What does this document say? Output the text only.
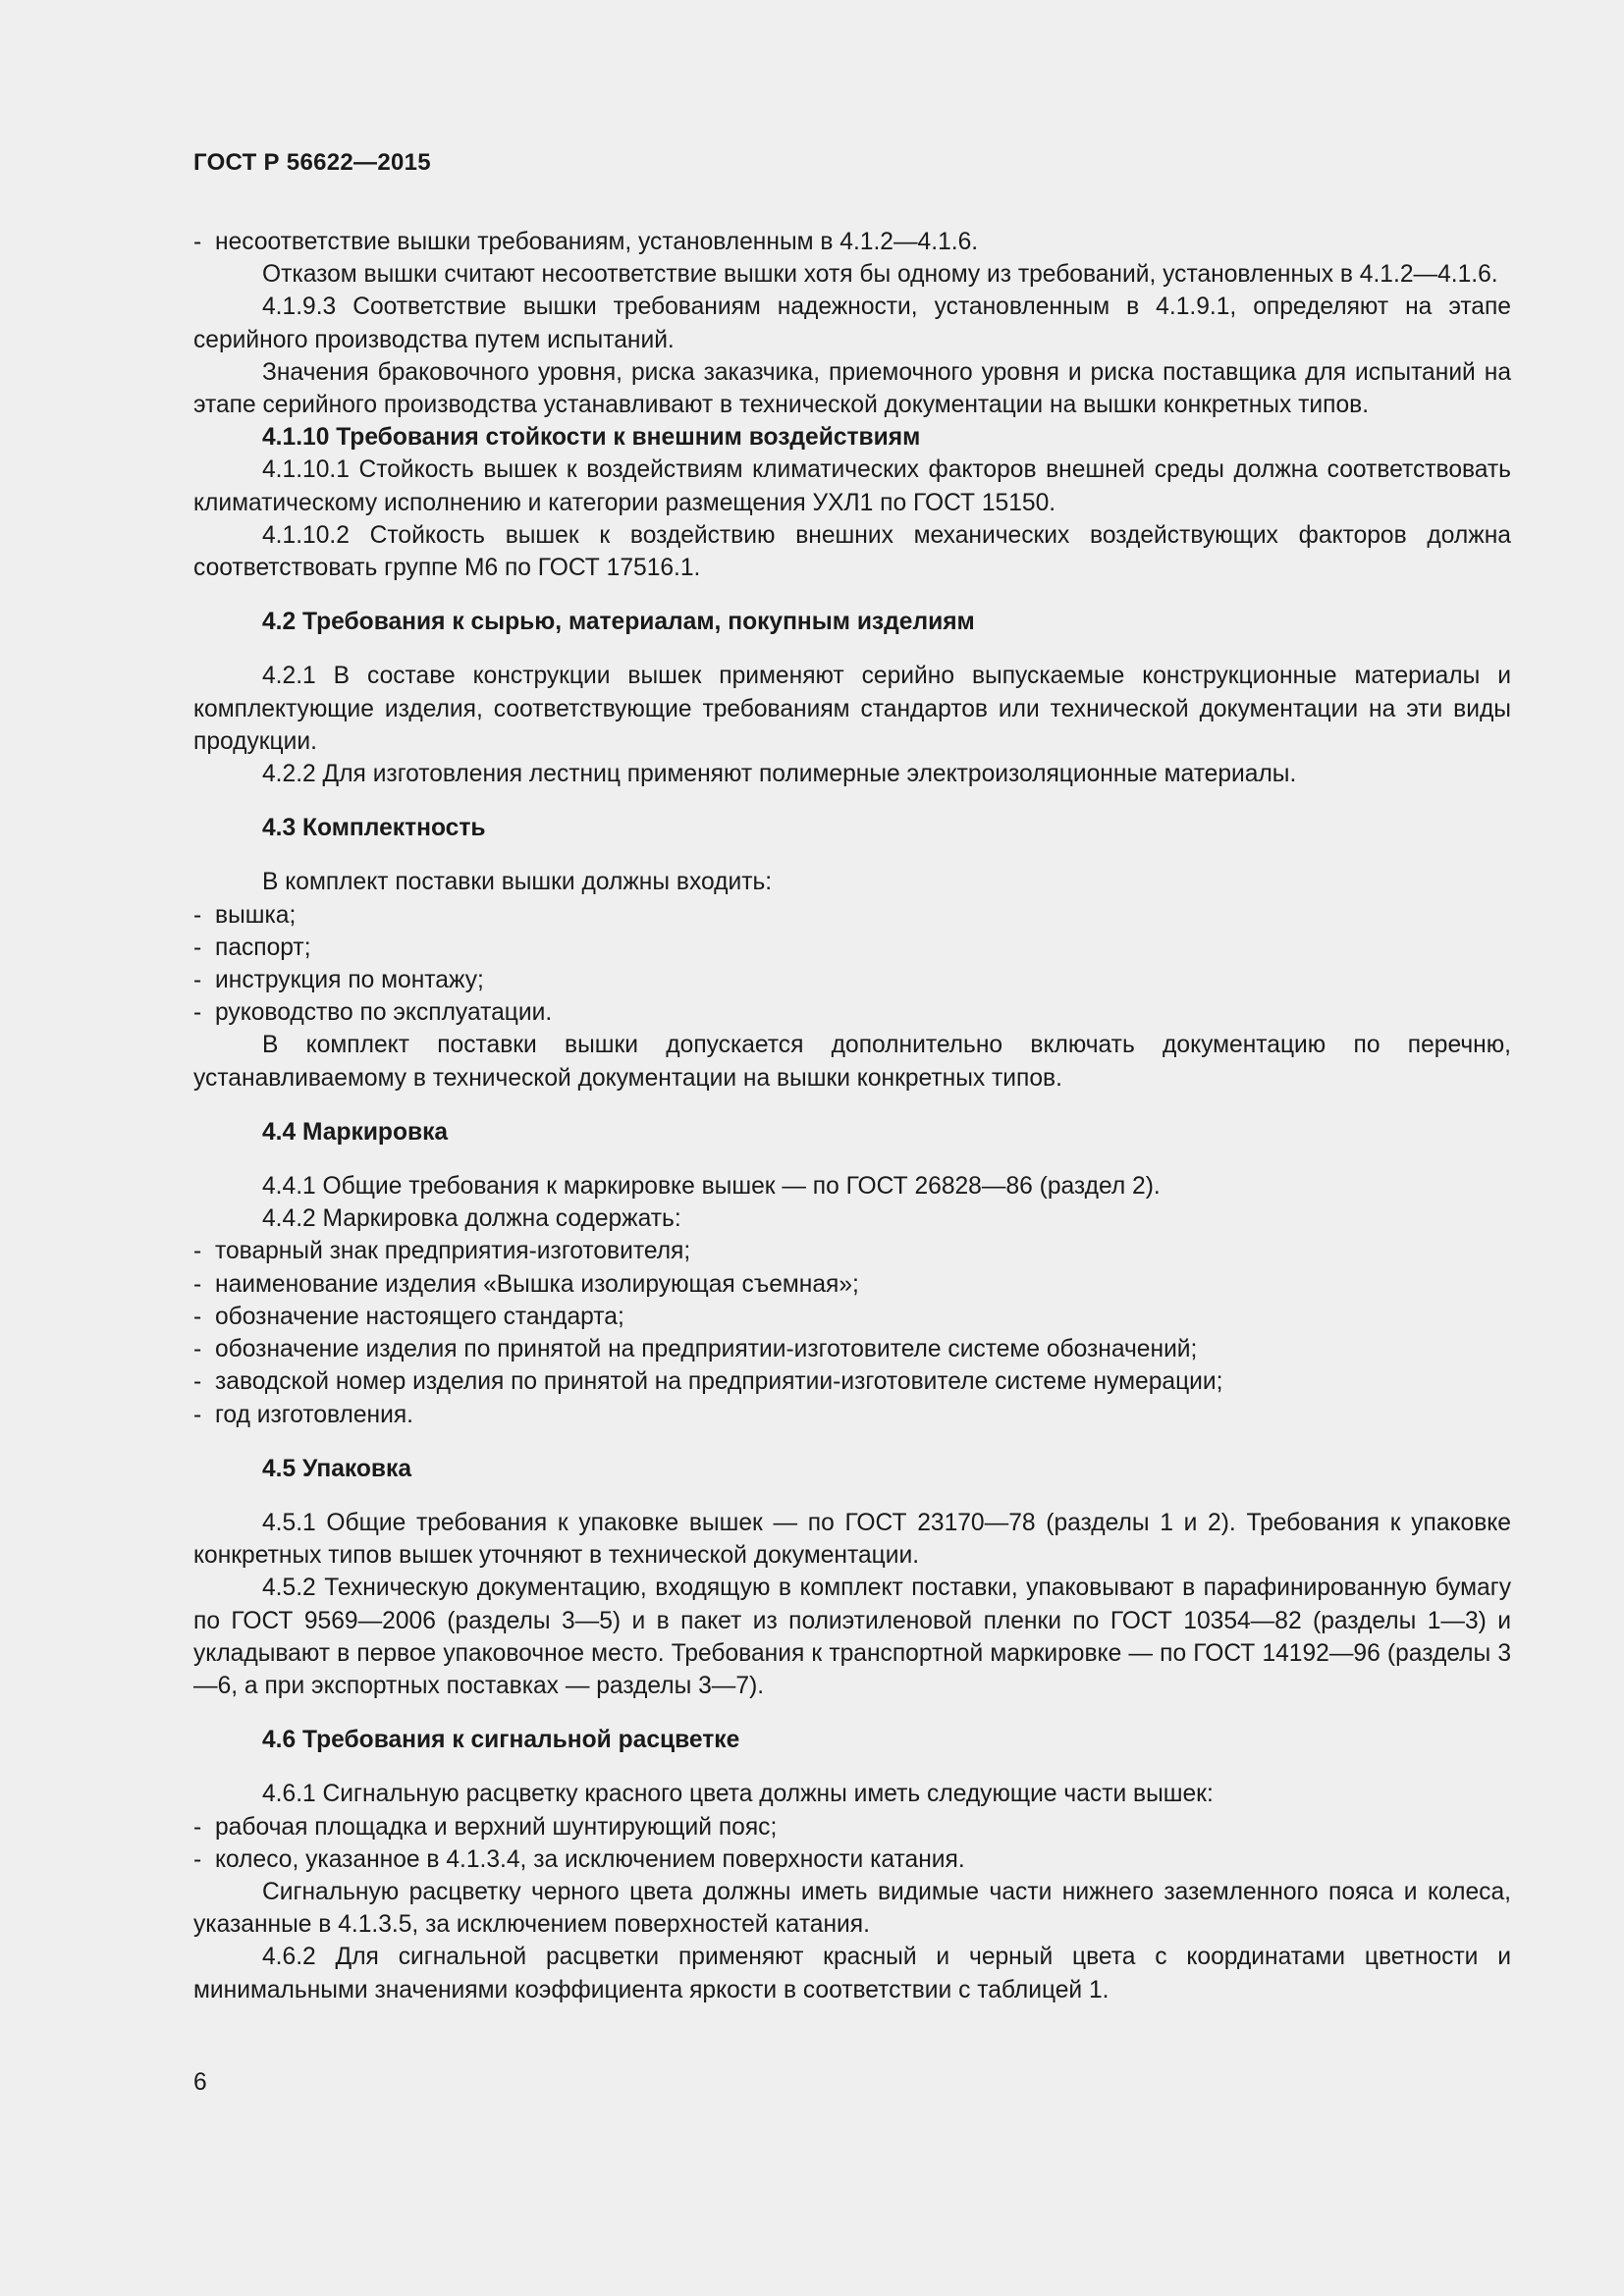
ГОСТ Р 56622—2015

- несоответствие вышки требованиям, установленным в 4.1.2—4.1.6.

Отказом вышки считают несоответствие вышки хотя бы одному из требований, установленных в 4.1.2—4.1.6.

4.1.9.3 Соответствие вышки требованиям надежности, установленным в 4.1.9.1, определяют на этапе серийного производства путем испытаний.

Значения браковочного уровня, риска заказчика, приемочного уровня и риска поставщика для испытаний на этапе серийного производства устанавливают в технической документации на вышки конкретных типов.

4.1.10 Требования стойкости к внешним воздействиям

4.1.10.1 Стойкость вышек к воздействиям климатических факторов внешней среды должна соответствовать климатическому исполнению и категории размещения УХЛ1 по ГОСТ 15150.

4.1.10.2 Стойкость вышек к воздействию внешних механических воздействующих факторов должна соответствовать группе М6 по ГОСТ 17516.1.

4.2 Требования к сырью, материалам, покупным изделиям

4.2.1 В составе конструкции вышек применяют серийно выпускаемые конструкционные материалы и комплектующие изделия, соответствующие требованиям стандартов или технической документации на эти виды продукции.

4.2.2 Для изготовления лестниц применяют полимерные электроизоляционные материалы.

4.3 Комплектность

В комплект поставки вышки должны входить:

- вышка;
- паспорт;
- инструкция по монтажу;
- руководство по эксплуатации.

В комплект поставки вышки допускается дополнительно включать документацию по перечню, устанавливаемому в технической документации на вышки конкретных типов.

4.4 Маркировка

4.4.1 Общие требования к маркировке вышек — по ГОСТ 26828—86 (раздел 2).

4.4.2 Маркировка должна содержать:

- товарный знак предприятия-изготовителя;
- наименование изделия «Вышка изолирующая съемная»;
- обозначение настоящего стандарта;
- обозначение изделия по принятой на предприятии-изготовителе системе обозначений;
- заводской номер изделия по принятой на предприятии-изготовителе системе нумерации;
- год изготовления.

4.5 Упаковка

4.5.1 Общие требования к упаковке вышек — по ГОСТ 23170—78 (разделы 1 и 2). Требования к упаковке конкретных типов вышек уточняют в технической документации.

4.5.2 Техническую документацию, входящую в комплект поставки, упаковывают в парафинированную бумагу по ГОСТ 9569—2006 (разделы 3—5) и в пакет из полиэтиленовой пленки по ГОСТ 10354—82 (разделы 1—3) и укладывают в первое упаковочное место. Требования к транспортной маркировке — по ГОСТ 14192—96 (разделы 3—6, а при экспортных поставках — разделы 3—7).

4.6 Требования к сигнальной расцветке

4.6.1 Сигнальную расцветку красного цвета должны иметь следующие части вышек:

- рабочая площадка и верхний шунтирующий пояс;
- колесо, указанное в 4.1.3.4, за исключением поверхности катания.

Сигнальную расцветку черного цвета должны иметь видимые части нижнего заземленного пояса и колеса, указанные в 4.1.3.5, за исключением поверхностей катания.

4.6.2 Для сигнальной расцветки применяют красный и черный цвета с координатами цветности и минимальными значениями коэффициента яркости в соответствии с таблицей 1.

6
